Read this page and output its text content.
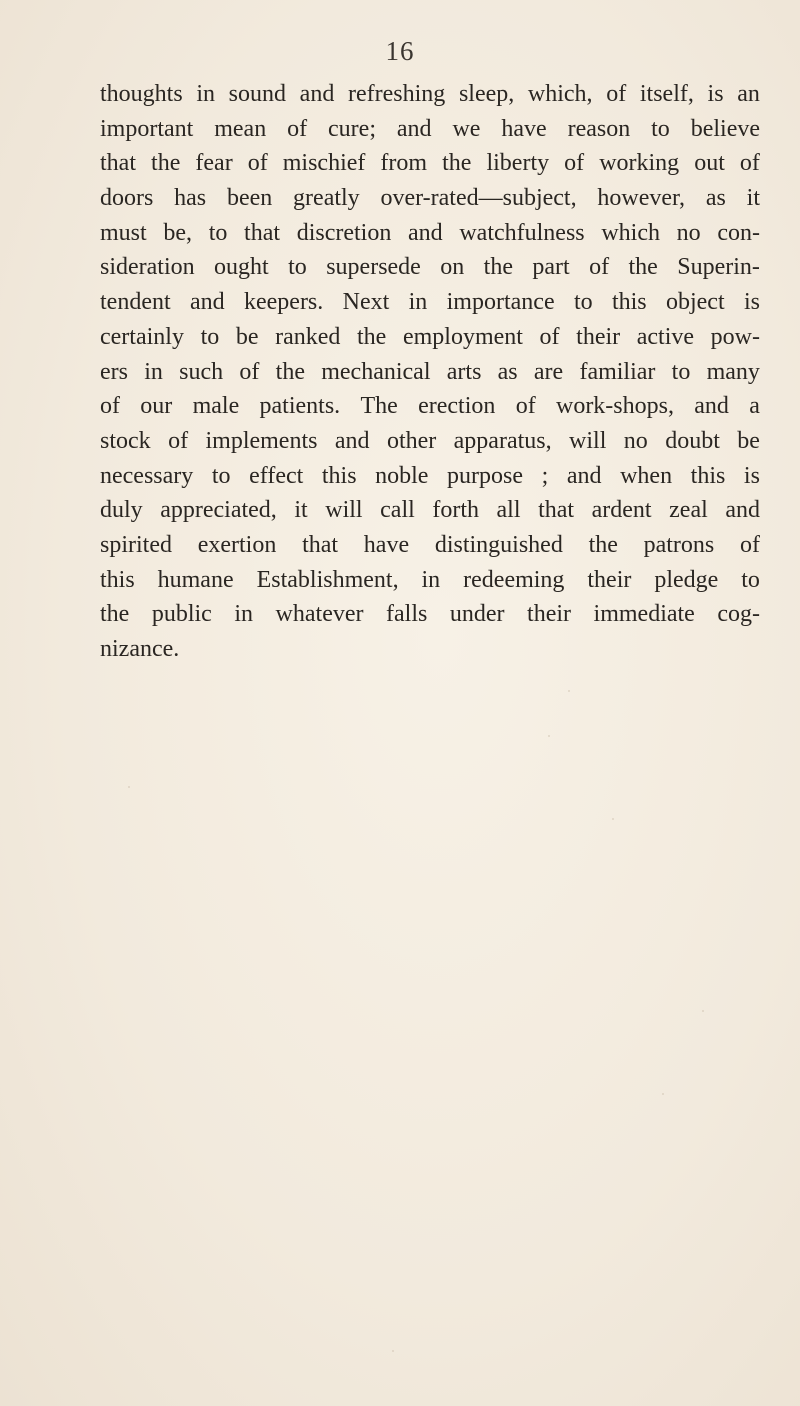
16
thoughts in sound and refreshing sleep, which, of itself, is an
important mean of cure; and we have reason to believe
that the fear of mischief from the liberty of working out of
doors has been greatly over-rated—subject, however, as it
must be, to that discretion and watchfulness which no con-
sideration ought to supersede on the part of the Superin-
tendent and keepers. Next in importance to this object is
certainly to be ranked the employment of their active pow-
ers in such of the mechanical arts as are familiar to many
of our male patients. The erection of work-shops, and a
stock of implements and other apparatus, will no doubt be
necessary to effect this noble purpose ; and when this is
duly appreciated, it will call forth all that ardent zeal and
spirited exertion that have distinguished the patrons of
this humane Establishment, in redeeming their pledge to
the public in whatever falls under their immediate cog-
nizance.
